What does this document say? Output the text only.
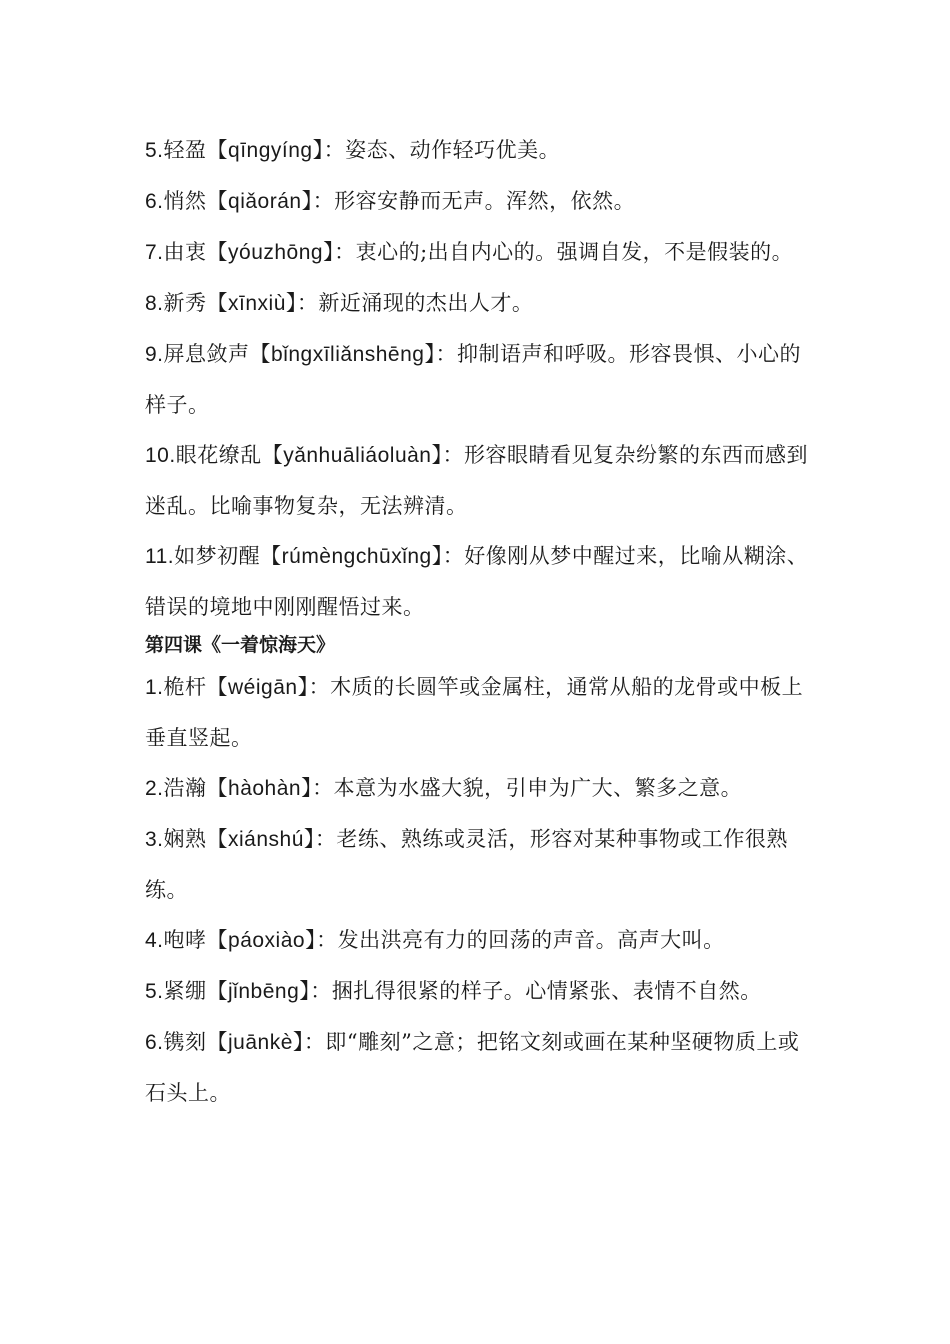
5.轻盈【qīngyíng】：姿态、动作轻巧优美。

6.悄然【qiǎorán】：形容安静而无声。浑然，依然。

7.由衷【yóuzhōng】：衷心的;出自内心的。强调自发，不是假装的。

8.新秀【xīnxiù】：新近涌现的杰出人才。

9.屏息敛声【bǐngxīliǎnshēng】：抑制语声和呼吸。形容畏惧、小心的样子。

10.眼花缭乱【yǎnhuāliáoluàn】：形容眼睛看见复杂纷繁的东西而感到迷乱。比喻事物复杂，无法辨清。

11.如梦初醒【rúmèngchūxǐng】：好像刚从梦中醒过来，比喻从糊涂、错误的境地中刚刚醒悟过来。

第四课《一着惊海天》

1.桅杆【wéigān】：木质的长圆竿或金属柱，通常从船的龙骨或中板上垂直竖起。

2.浩瀚【hàohàn】：本意为水盛大貌，引申为广大、繁多之意。

3.娴熟【xiánshú】：老练、熟练或灵活，形容对某种事物或工作很熟练。

4.咆哮【páoxiào】：发出洪亮有力的回荡的声音。高声大叫。

5.紧绷【jǐnbēng】：捆扎得很紧的样子。心情紧张、表情不自然。

6.镌刻【juānkè】：即“雕刻”之意；把铭文刻或画在某种坚硬物质上或石头上。
